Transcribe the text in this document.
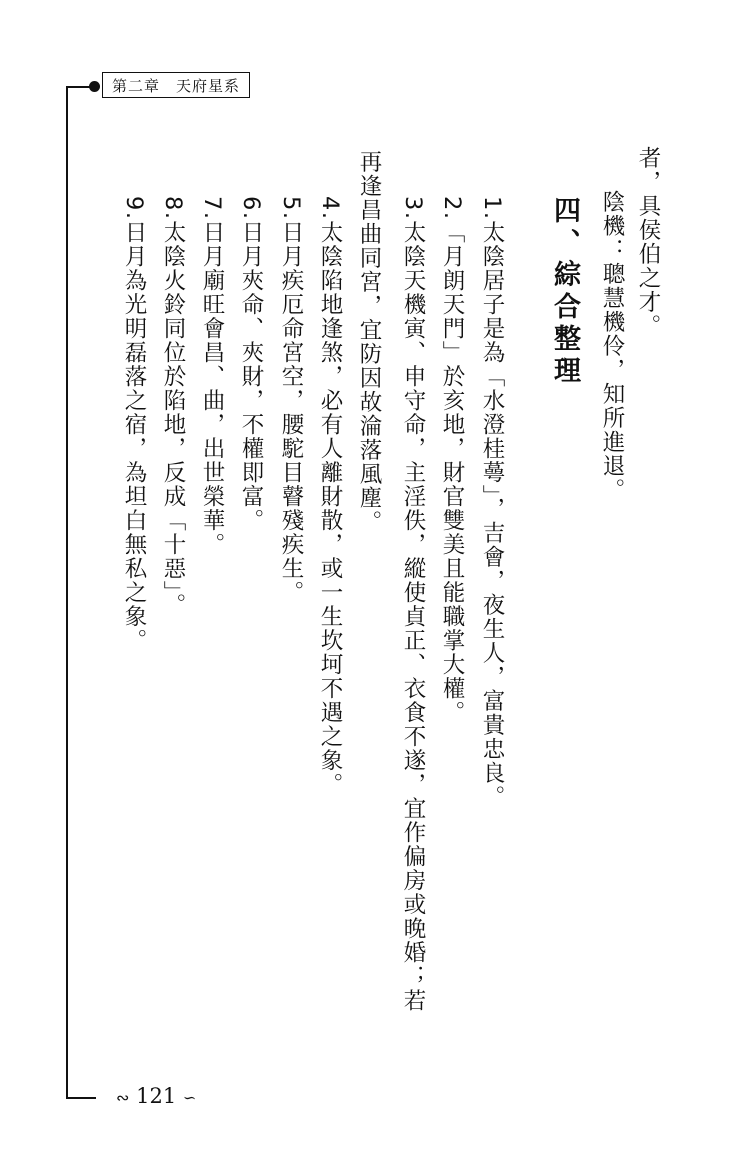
第二章　天府星系
者，具侯伯之才。
陰機：聰慧機伶，知所進退。
四、綜合整理
1.太陰居子是為「水澄桂蕚」，吉會，夜生人，富貴忠良。
2.「月朗天門」於亥地，財官雙美且能職掌大權。
3.太陰天機寅、申守命，主淫佚，縱使貞正、衣食不遂，宜作偏房或晚婚；若
再逢昌曲同宮，宜防因故淪落風塵。
4.太陰陷地逢煞，必有人離財散，或一生坎坷不遇之象。
5.日月疾厄命宮空，腰駝目瞽殘疾生。
6.日月夾命、夾財，不權即富。
7.日月廟旺會昌、曲，出世榮華。
8.太陰火鈴同位於陷地，反成「十惡」。
9.日月為光明磊落之宿，為坦白無私之象。
∾ 121 ∽
